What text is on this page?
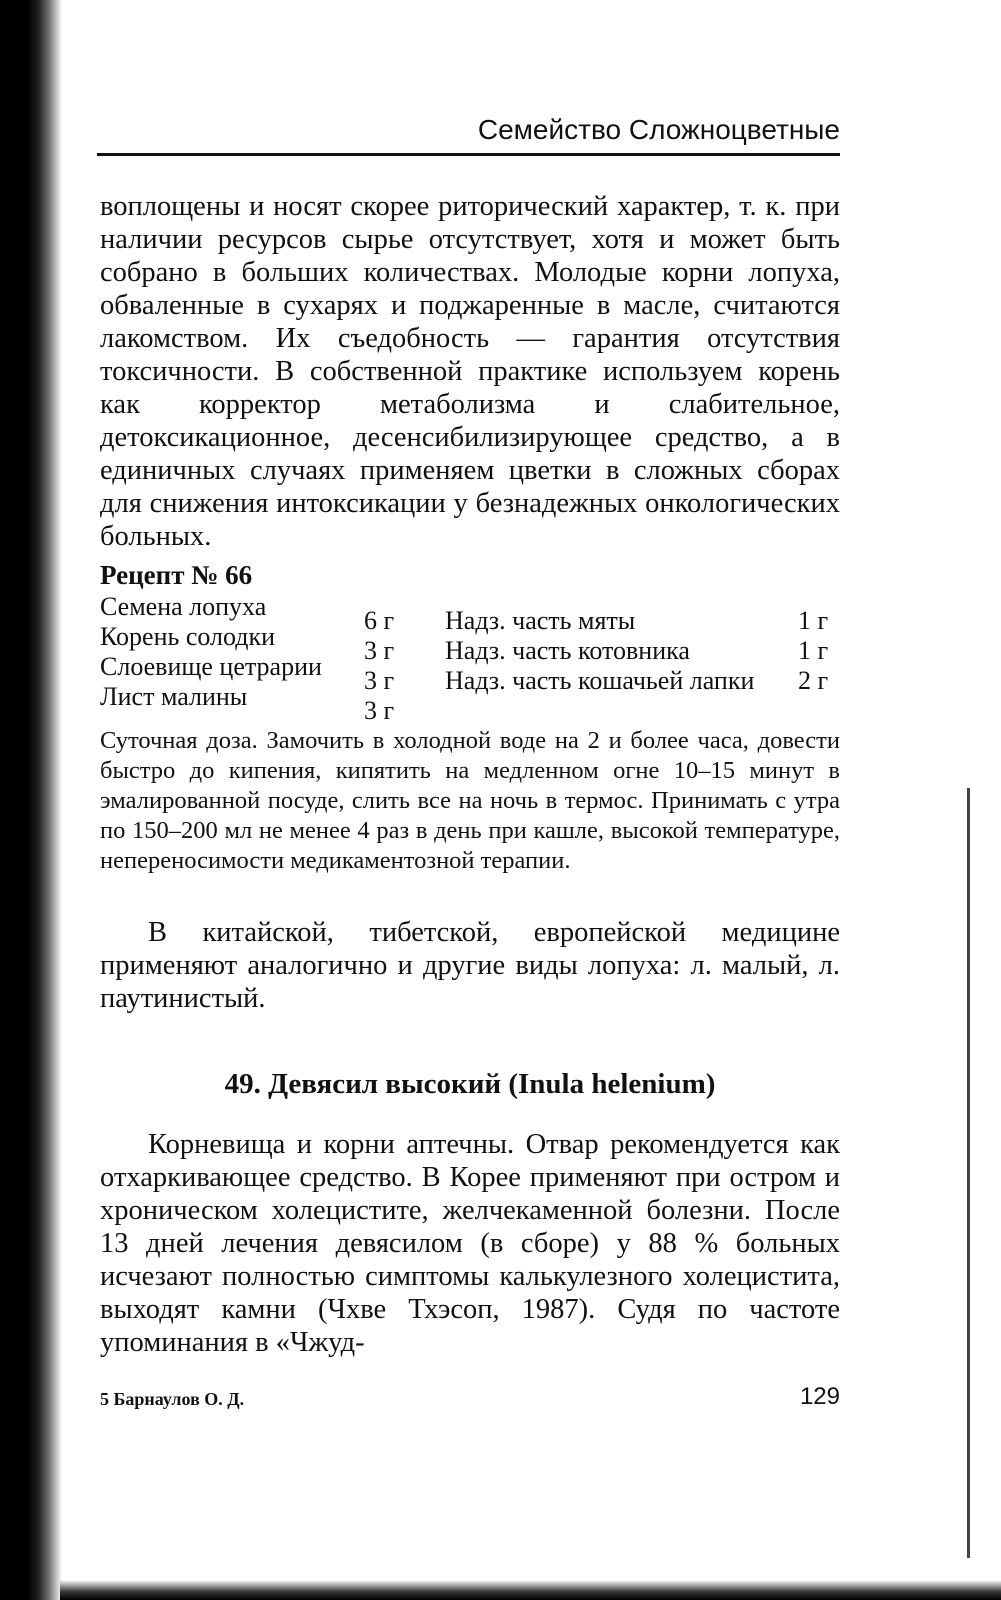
Семейство Сложноцветные

воплощены и носят скорее риторический характер, т. к. при наличии ресурсов сырье отсутствует, хотя и может быть собрано в больших количествах. Молодые корни лопуха, обваленные в сухарях и поджаренные в масле, считаются лакомством. Их съедобность — гарантия отсутствия токсичности. В собственной практике используем корень как корректор метаболизма и слабительное, детоксикационное, десенсибилизирующее средство, а в единичных случаях применяем цветки в сложных сборах для снижения интоксикации у безнадежных онкологических больных.

Рецепт № 66

Семена лопуха
Корень солодки
Слоевище цетрарии
Лист малины
6 г
3 г
3 г
3 г
Надз. часть мяты
Надз. часть котовника
Надз. часть кошачьей лапки
1 г
1 г
2 г

Суточная доза. Замочить в холодной воде на 2 и более часа, довести быстро до кипения, кипятить на медленном огне 10–15 минут в эмалированной посуде, слить все на ночь в термос. Принимать с утра по 150–200 мл не менее 4 раз в день при кашле, высокой температуре, непереносимости медикаментозной терапии.

В китайской, тибетской, европейской медицине применяют аналогично и другие виды лопуха: л. малый, л. паутинистый.

49. Девясил высокий (Inula helenium)

Корневища и корни аптечны. Отвар рекомендуется как отхаркивающее средство. В Корее применяют при остром и хроническом холецистите, желчекаменной болезни. После 13 дней лечения девясилом (в сборе) у 88 % больных исчезают полностью симптомы калькулезного холецистита, выходят камни (Чхве Тхэсоп, 1987). Судя по частоте упоминания в «Чжуд-

5 Барнаулов О. Д.	129
